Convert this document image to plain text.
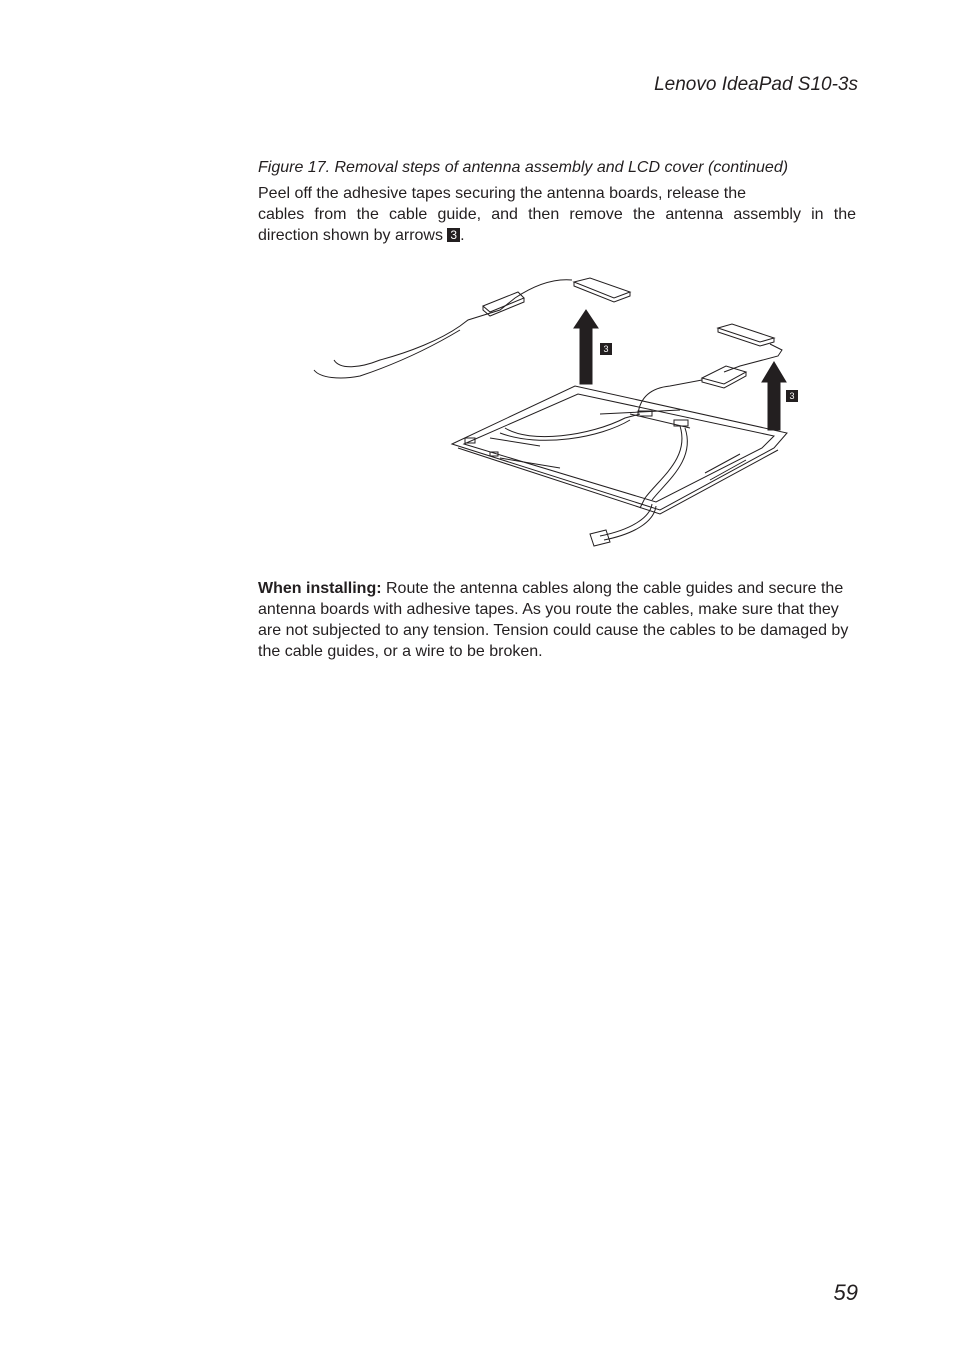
Lenovo IdeaPad S10-3s
Figure 17. Removal steps of antenna assembly and LCD cover (continued)
Peel off the adhesive tapes securing the antenna boards, release the
cables from the cable guide, and then remove the antenna assembly in the
direction shown by arrows 3 .
3
3
When installing: Route the antenna cables along the cable guides and secure the antenna boards with adhesive tapes. As you route the cables, make sure that they are not subjected to any tension. Tension could cause the cables to be damaged by the cable guides, or a wire to be broken.
59
